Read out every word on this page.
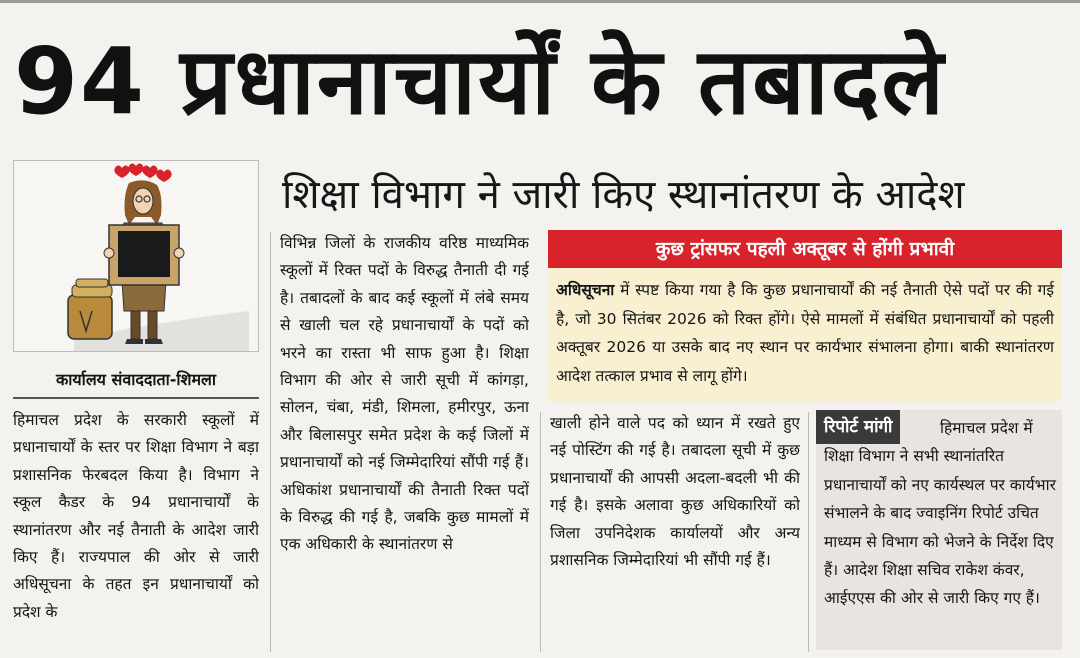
94 प्रधानाचार्यों के तबादले
कार्यालय संवाददाता-शिमला
शिक्षा विभाग ने जारी किए स्थानांतरण के आदेश
हिमाचल प्रदेश के सरकारी स्कूलों में प्रधानाचार्यों के स्तर पर शिक्षा विभाग ने बड़ा प्रशासनिक फेरबदल किया है। विभाग ने स्कूल कैडर के 94 प्रधानाचार्यों के स्थानांतरण और नई तैनाती के आदेश जारी किए हैं। राज्यपाल की ओर से जारी अधिसूचना के तहत इन प्रधानाचार्यों को प्रदेश के
विभिन्न जिलों के राजकीय वरिष्ठ माध्यमिक स्कूलों में रिक्त पदों के विरुद्ध तैनाती दी गई है। तबादलों के बाद कई स्कूलों में लंबे समय से खाली चल रहे प्रधानाचार्यों के पदों को भरने का रास्ता भी साफ हुआ है। शिक्षा विभाग की ओर से जारी सूची में कांगड़ा, सोलन, चंबा, मंडी, शिमला, हमीरपुर, ऊना और बिलासपुर समेत प्रदेश के कई जिलों में प्रधानाचार्यों को नई जिम्मेदारियां सौंपी गई हैं। अधिकांश प्रधानाचार्यों की तैनाती रिक्त पदों के विरुद्ध की गई है, जबकि कुछ मामलों में एक अधिकारी के स्थानांतरण से
कुछ ट्रांसफर पहली अक्तूबर से होंगी प्रभावी
अधिसूचना में स्पष्ट किया गया है कि कुछ प्रधानाचार्यों की नई तैनाती ऐसे पदों पर की गई है, जो 30 सितंबर 2026 को रिक्त होंगे। ऐसे मामलों में संबंधित प्रधानाचार्यों को पहली अक्तूबर 2026 या उसके बाद नए स्थान पर कार्यभार संभालना होगा। बाकी स्थानांतरण आदेश तत्काल प्रभाव से लागू होंगे।
खाली होने वाले पद को ध्यान में रखते हुए नई पोस्टिंग की गई है। तबादला सूची में कुछ प्रधानाचार्यों की आपसी अदला-बदली भी की गई है। इसके अलावा कुछ अधिकारियों को जिला उपनिदेशक कार्यालयों और अन्य प्रशासनिक जिम्मेदारियां भी सौंपी गई हैं।
हिमाचल प्रदेश में शिक्षा विभाग ने सभी स्थानांतरित प्रधानाचार्यों को नए कार्यस्थल पर कार्यभार संभालने के बाद ज्वाइनिंग रिपोर्ट उचित माध्यम से विभाग को भेजने के निर्देश दिए हैं। आदेश शिक्षा सचिव राकेश कंवर, आईएएस की ओर से जारी किए गए हैं।
रिपोर्ट मांगी
